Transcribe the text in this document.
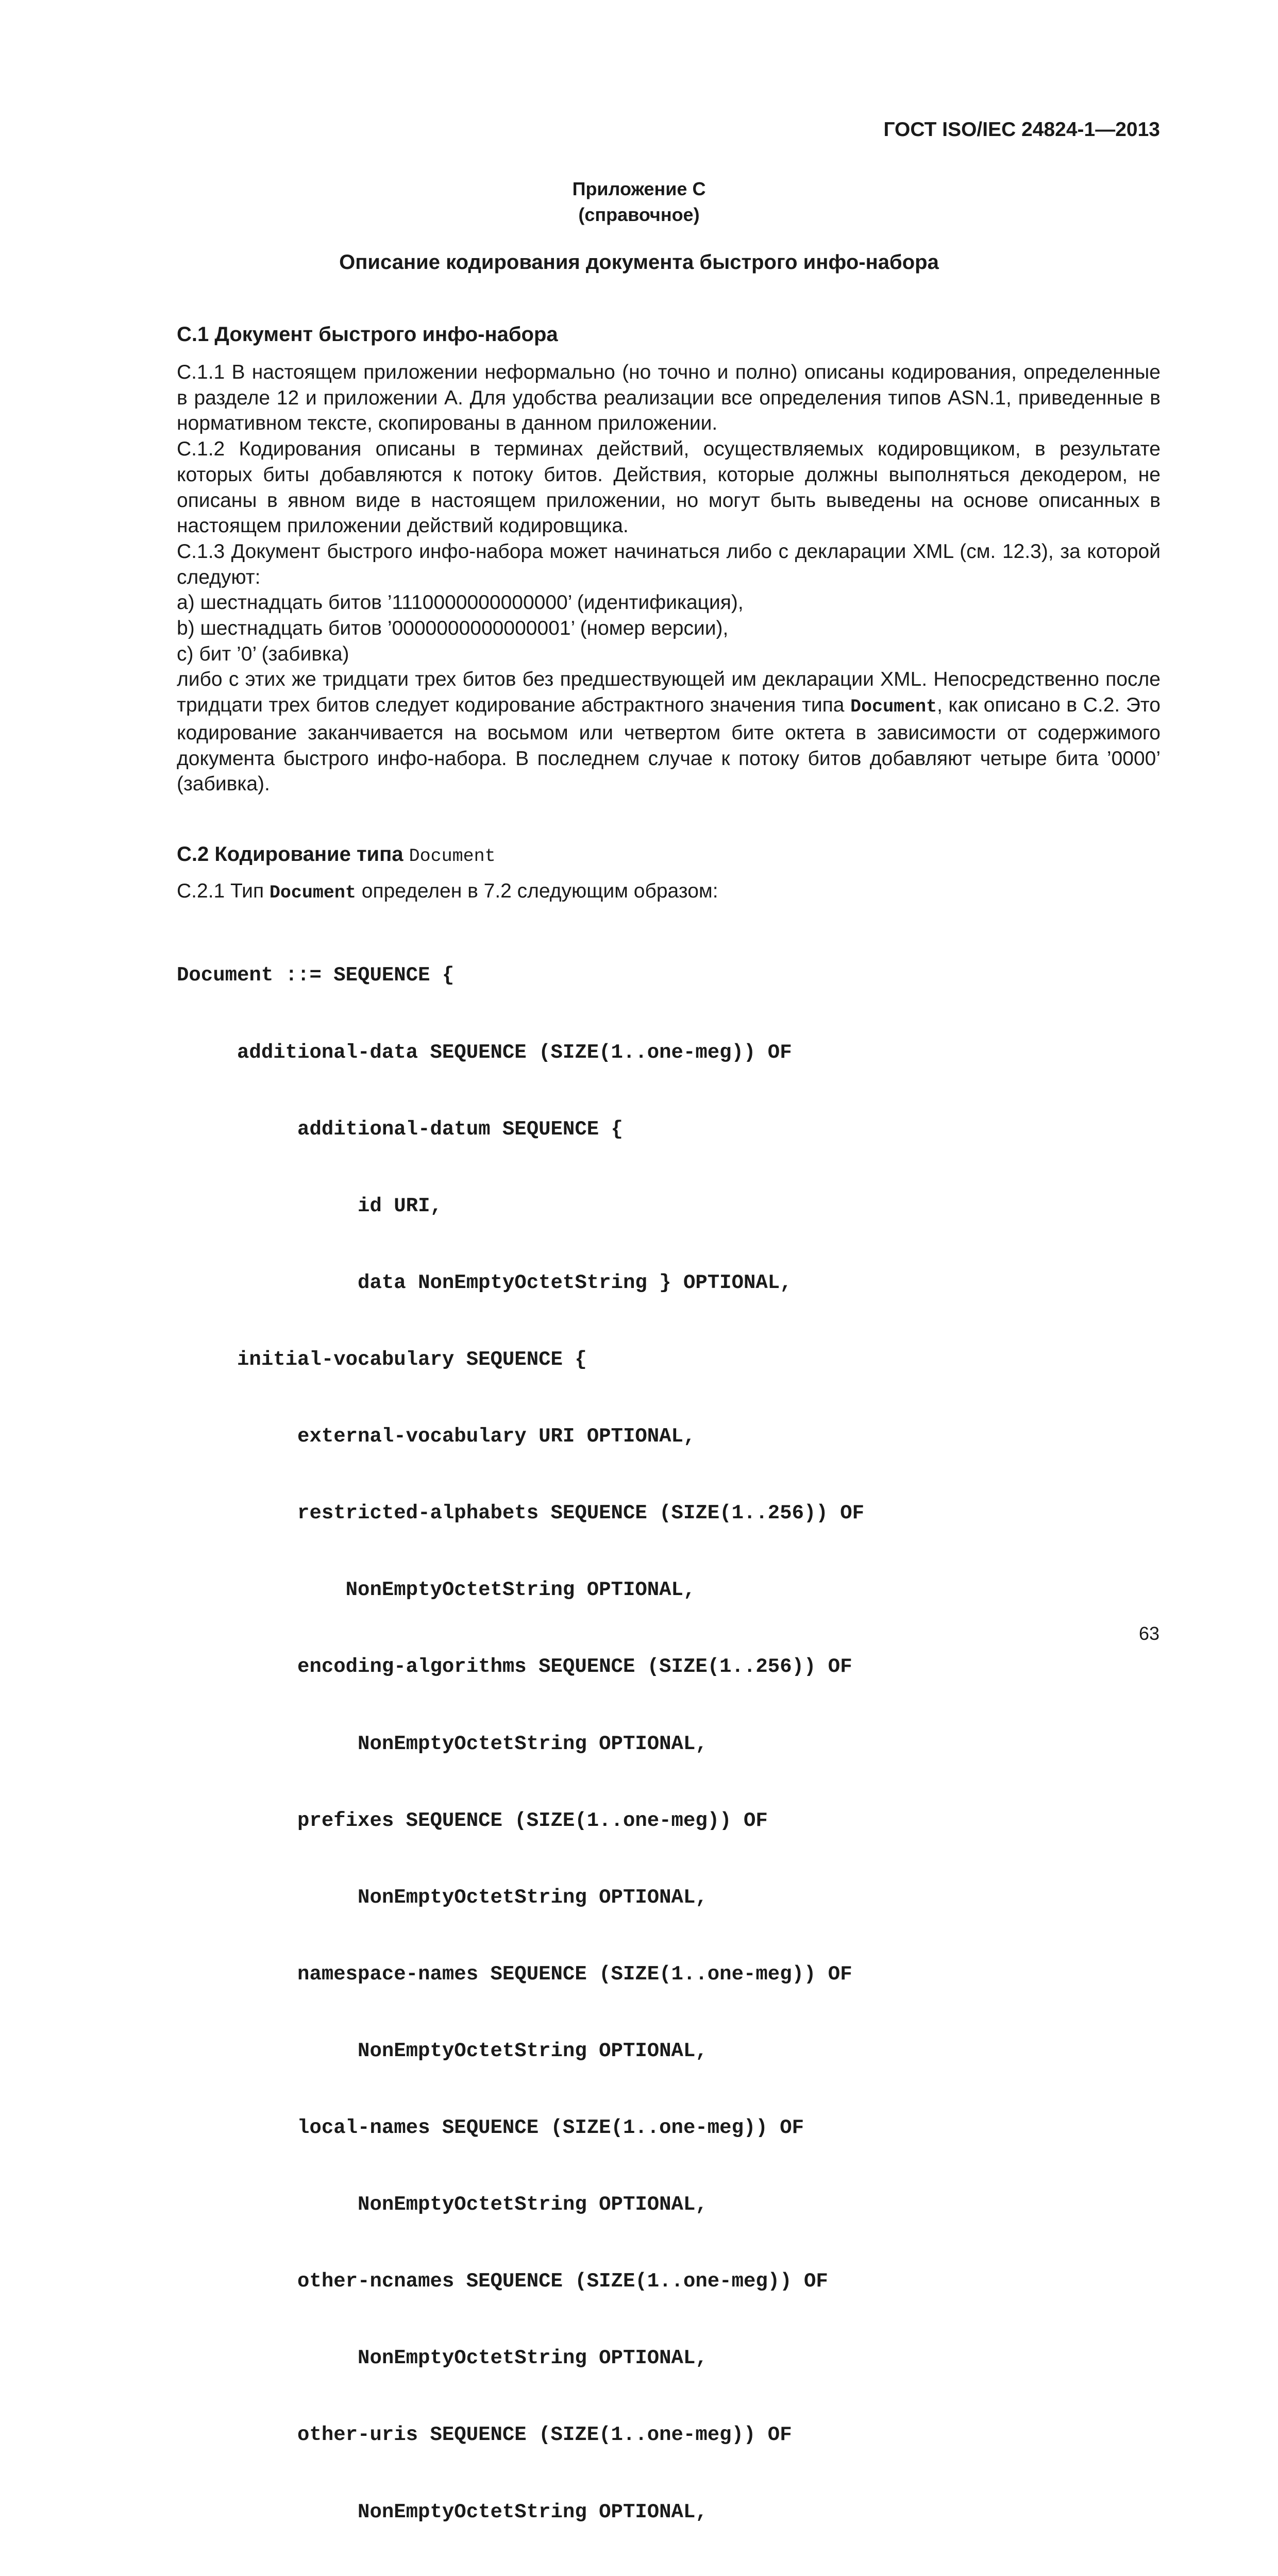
ГОСТ ISO/IEC 24824-1—2013
Приложение С
(справочное)
Описание кодирования документа быстрого инфо-набора
С.1 Документ быстрого инфо-набора

С.1.1 В настоящем приложении неформально (но точно и полно) описаны кодирования, определенные в разделе 12 и приложении А. Для удобства реализации все определения типов ASN.1, приведенные в нормативном тексте, скопированы в данном приложении.

С.1.2 Кодирования описаны в терминах действий, осуществляемых кодировщиком, в результате которых биты добавляются к потоку битов. Действия, которые должны выполняться декодером, не описаны в явном виде в настоящем приложении, но могут быть выведены на основе описанных в настоящем приложении действий кодировщика.

С.1.3 Документ быстрого инфо-набора может начинаться либо с декларации XML (см. 12.3), за которой следуют:

a) шестнадцать битов ’1110000000000000’ (идентификация),

b) шестнадцать битов ’0000000000000001’ (номер версии),

c) бит ’0’ (забивка)

либо с этих же тридцати трех битов без предшествующей им декларации XML. Непосредственно после тридцати трех битов следует кодирование абстрактного значения типа Document, как описано в С.2. Это кодирование заканчивается на восьмом или четвертом бите октета в зависимости от содержимого документа быстрого инфо-набора. В последнем случае к потоку битов добавляют четыре бита ’0000’ (забивка).

С.2 Кодирование типа Document

С.2.1 Тип Document определен в 7.2 следующим образом:

Document ::= SEQUENCE {

additional-data SEQUENCE (SIZE(1..one-meg)) OF

additional-datum SEQUENCE {

id URI,

data NonEmptyOctetString } OPTIONAL,

initial-vocabulary SEQUENCE {

external-vocabulary URI OPTIONAL,

restricted-alphabets SEQUENCE (SIZE(1..256)) OF

NonEmptyOctetString OPTIONAL,

encoding-algorithms SEQUENCE (SIZE(1..256)) OF

NonEmptyOctetString OPTIONAL,

prefixes SEQUENCE (SIZE(1..one-meg)) OF

NonEmptyOctetString OPTIONAL,

namespace-names SEQUENCE (SIZE(1..one-meg)) OF

NonEmptyOctetString OPTIONAL,

local-names SEQUENCE (SIZE(1..one-meg)) OF

NonEmptyOctetString OPTIONAL,

other-ncnames SEQUENCE (SIZE(1..one-meg)) OF

NonEmptyOctetString OPTIONAL,

other-uris SEQUENCE (SIZE(1..one-meg)) OF

NonEmptyOctetString OPTIONAL,

63
